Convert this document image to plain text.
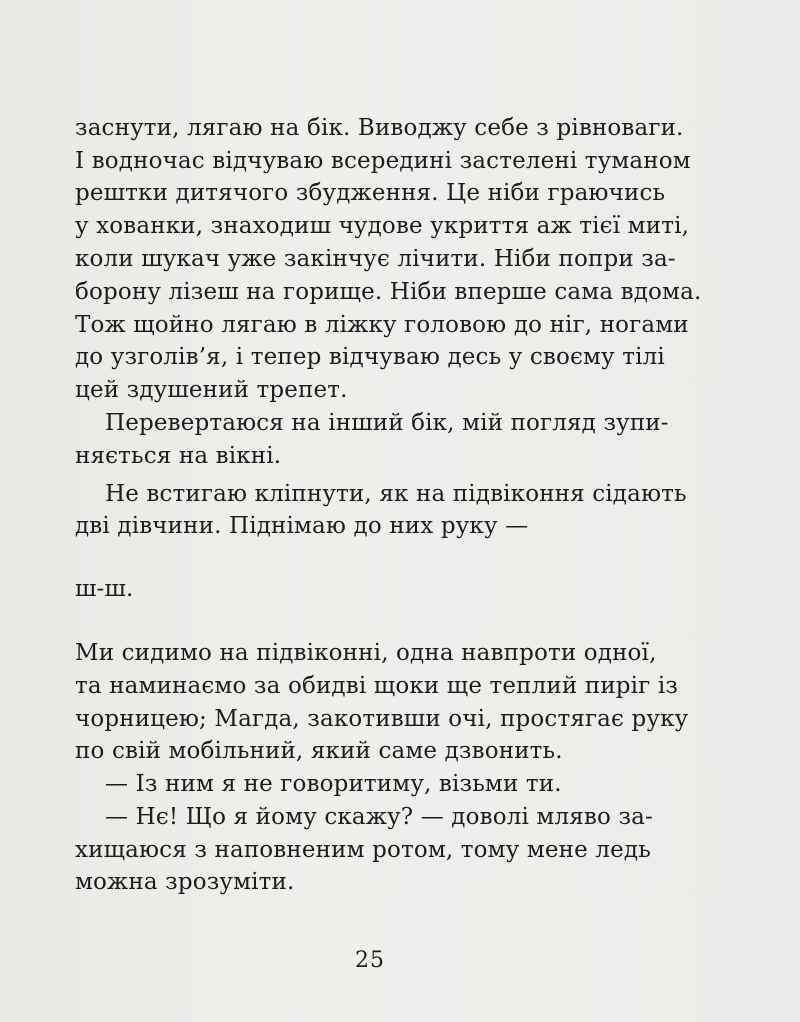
заснути, лягаю на бік. Виводжу себе з рівноваги.
І водночас відчуваю всередині застелені туманом
рештки дитячого збудження. Це ніби граючись
у хованки, знаходиш чудове укриття аж тієї миті,
коли шукач уже закінчує лічити. Ніби попри за-
борону лізеш на горище. Ніби вперше сама вдома.
Тож щойно лягаю в ліжку головою до ніг, ногами
до узголів’я, і тепер відчуваю десь у своєму тілі
цей здушений трепет.
Перевертаюся на інший бік, мій погляд зупи-
няється на вікні.
Не встигаю кліпнути, як на підвіконня сідають
дві дівчини. Піднімаю до них руку —
ш-ш.
Ми сидимо на підвіконні, одна навпроти одної,
та наминаємо за обидві щоки ще теплий пиріг із
чорницею; Магда, закотивши очі, простягає руку
по свій мобільний, який саме дзвонить.
— Із ним я не говоритиму, візьми ти.
— Нє! Що я йому скажу? — доволі мляво за-
хищаюся з наповненим ротом, тому мене ледь
можна зрозуміти.
25
